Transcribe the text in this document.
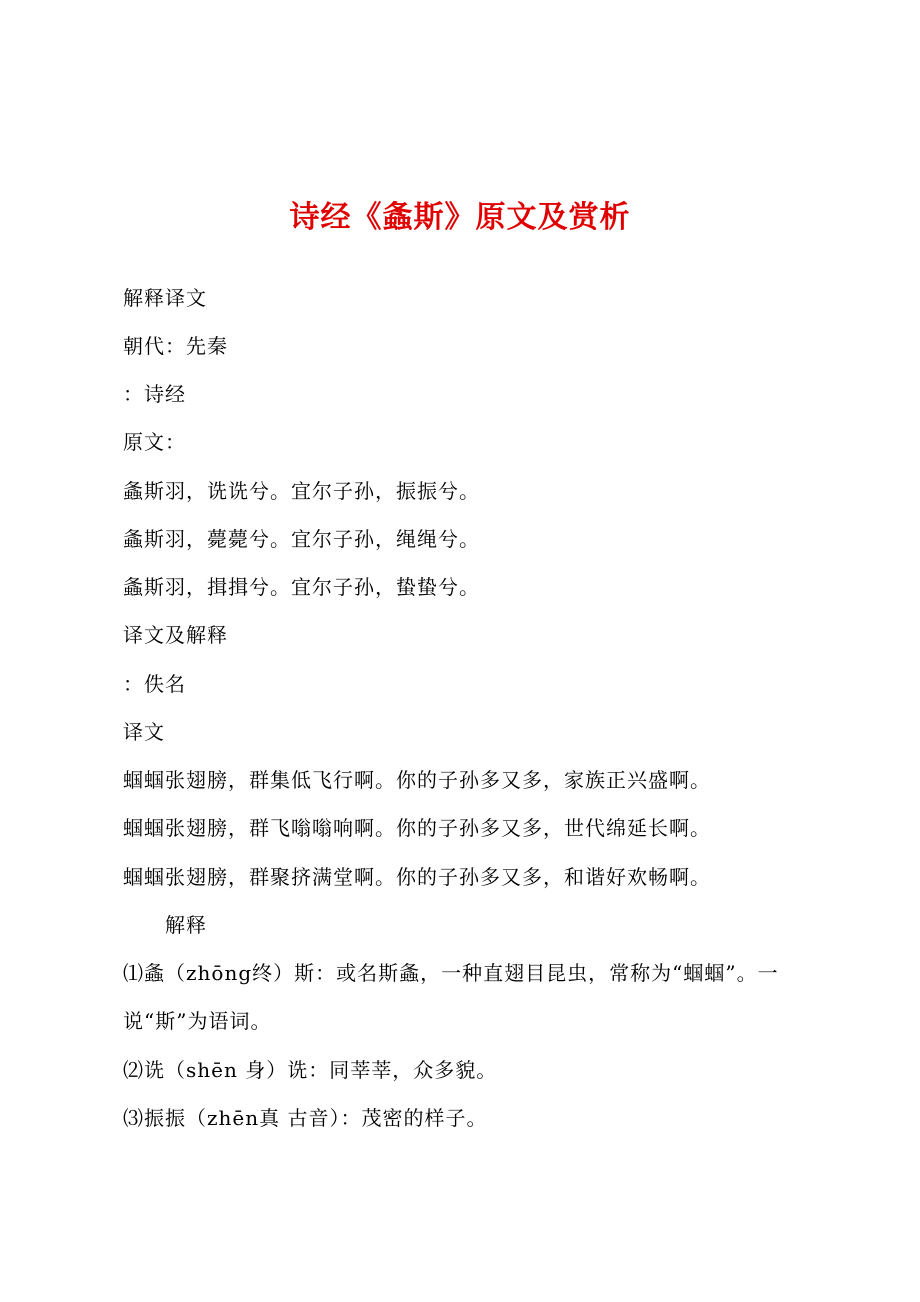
诗经《螽斯》原文及赏析
解释译文
朝代：先秦
：诗经
原文：
螽斯羽，诜诜兮。宜尔子孙，振振兮。
螽斯羽，薨薨兮。宜尔子孙，绳绳兮。
螽斯羽，揖揖兮。宜尔子孙，蛰蛰兮。
译文及解释
：佚名
译文
蝈蝈张翅膀，群集低飞行啊。你的子孙多又多，家族正兴盛啊。
蝈蝈张翅膀，群飞嗡嗡响啊。你的子孙多又多，世代绵延长啊。
蝈蝈张翅膀，群聚挤满堂啊。你的子孙多又多，和谐好欢畅啊。
解释
⑴螽（zhōng终）斯：或名斯螽，一种直翅目昆虫，常称为“蝈蝈”。一
说“斯”为语词。
⑵诜（shēn 身）诜：同莘莘，众多貌。
⑶振振（zhēn真 古音）：茂密的样子。
